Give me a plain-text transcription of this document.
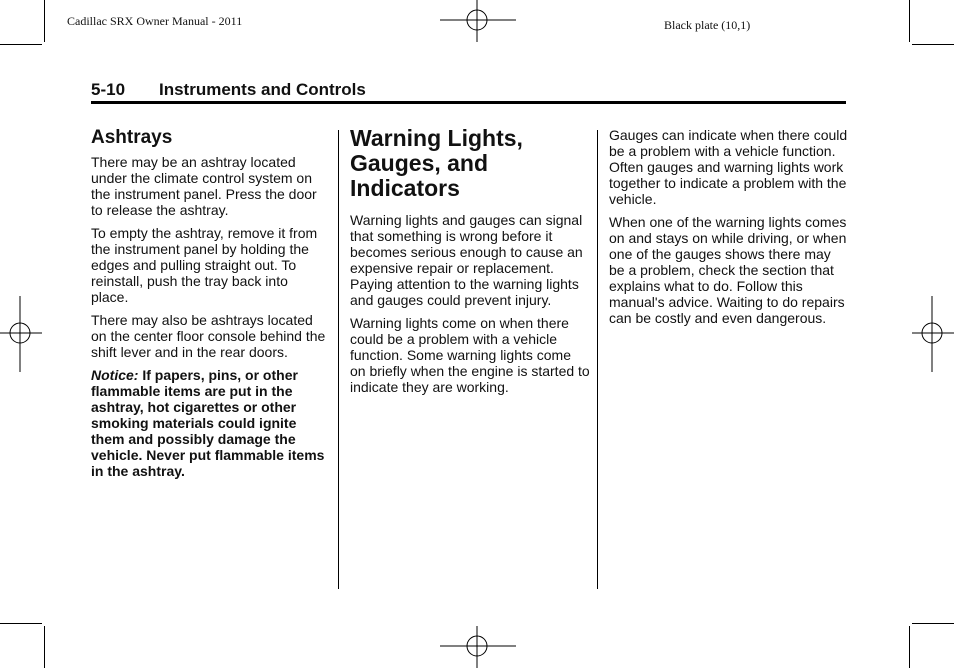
Cadillac SRX Owner Manual - 2011	Black plate (10,1)
5-10 Instruments and Controls
Ashtrays

There may be an ashtray located under the climate control system on the instrument panel. Press the door to release the ashtray.

To empty the ashtray, remove it from the instrument panel by holding the edges and pulling straight out. To reinstall, push the tray back into place.

There may also be ashtrays located on the center floor console behind the shift lever and in the rear doors.

Notice: If papers, pins, or other flammable items are put in the ashtray, hot cigarettes or other smoking materials could ignite them and possibly damage the vehicle. Never put flammable items in the ashtray.

Warning Lights,
Gauges, and
Indicators

Warning lights and gauges can signal that something is wrong before it becomes serious enough to cause an expensive repair or replacement. Paying attention to the warning lights and gauges could prevent injury.

Warning lights come on when there could be a problem with a vehicle function. Some warning lights come on briefly when the engine is started to indicate they are working.

Gauges can indicate when there could be a problem with a vehicle function. Often gauges and warning lights work together to indicate a problem with the vehicle.

When one of the warning lights comes on and stays on while driving, or when one of the gauges shows there may be a problem, check the section that explains what to do. Follow this manual's advice. Waiting to do repairs can be costly and even dangerous.
